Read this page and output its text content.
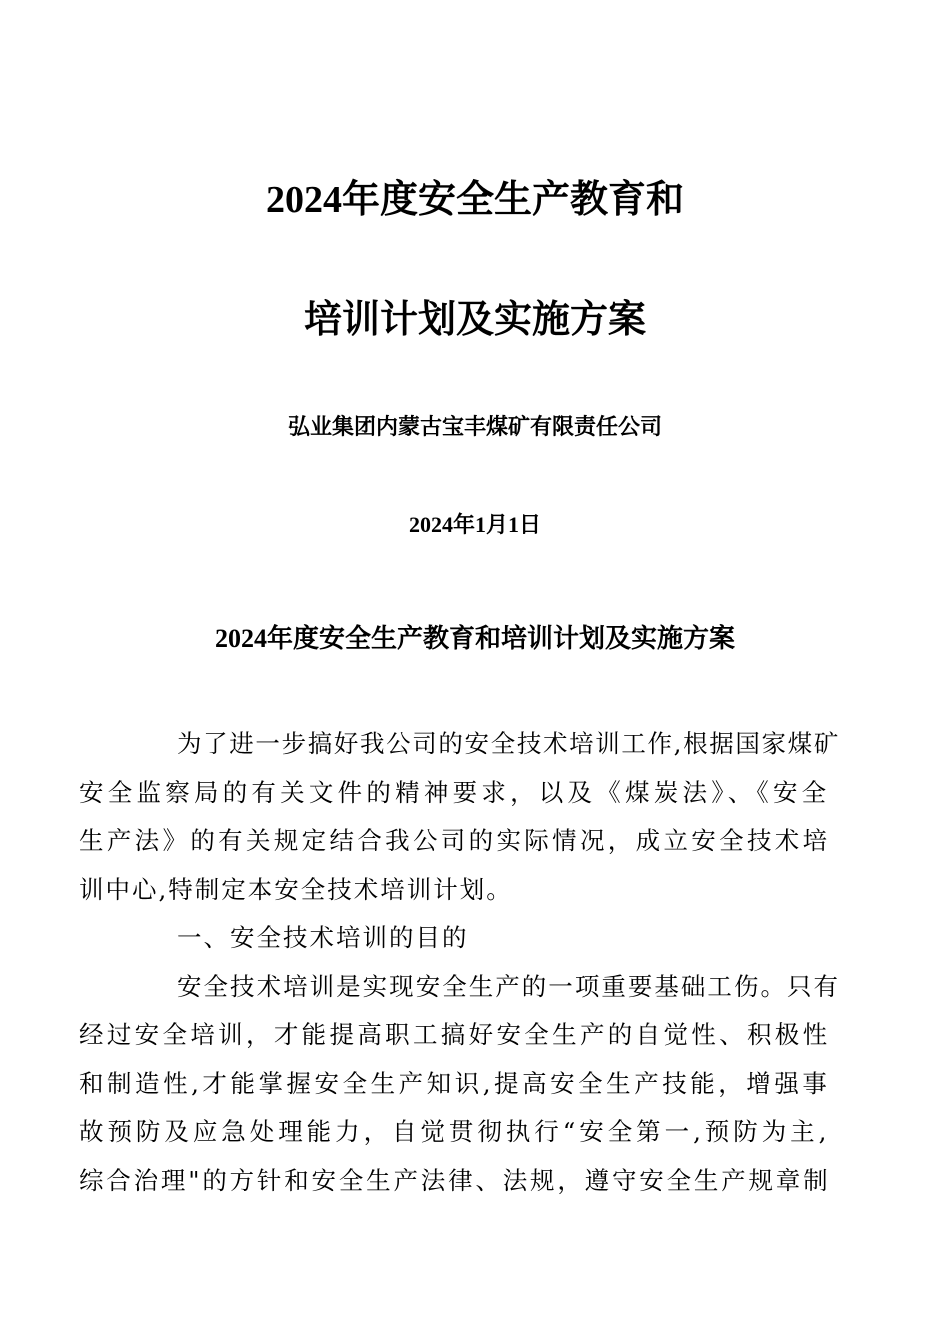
2024年度安全生产教育和
培训计划及实施方案
弘业集团内蒙古宝丰煤矿有限责任公司
2024年1月1日
2024年度安全生产教育和培训计划及实施方案
为了进一步搞好我公司的安全技术培训工作,根据国家煤矿
安全监察局的有关文件的精神要求，以及《煤炭法》、《安全
生产法》的有关规定结合我公司的实际情况，成立安全技术培
训中心,特制定本安全技术培训计划。
一、安全技术培训的目的
安全技术培训是实现安全生产的一项重要基础工伤。只有
经过安全培训，才能提高职工搞好安全生产的自觉性、积极性
和制造性,才能掌握安全生产知识,提高安全生产技能，增强事
故预防及应急处理能力，自觉贯彻执行“安全第一,预防为主,
综合治理"的方针和安全生产法律、法规，遵守安全生产规章制
